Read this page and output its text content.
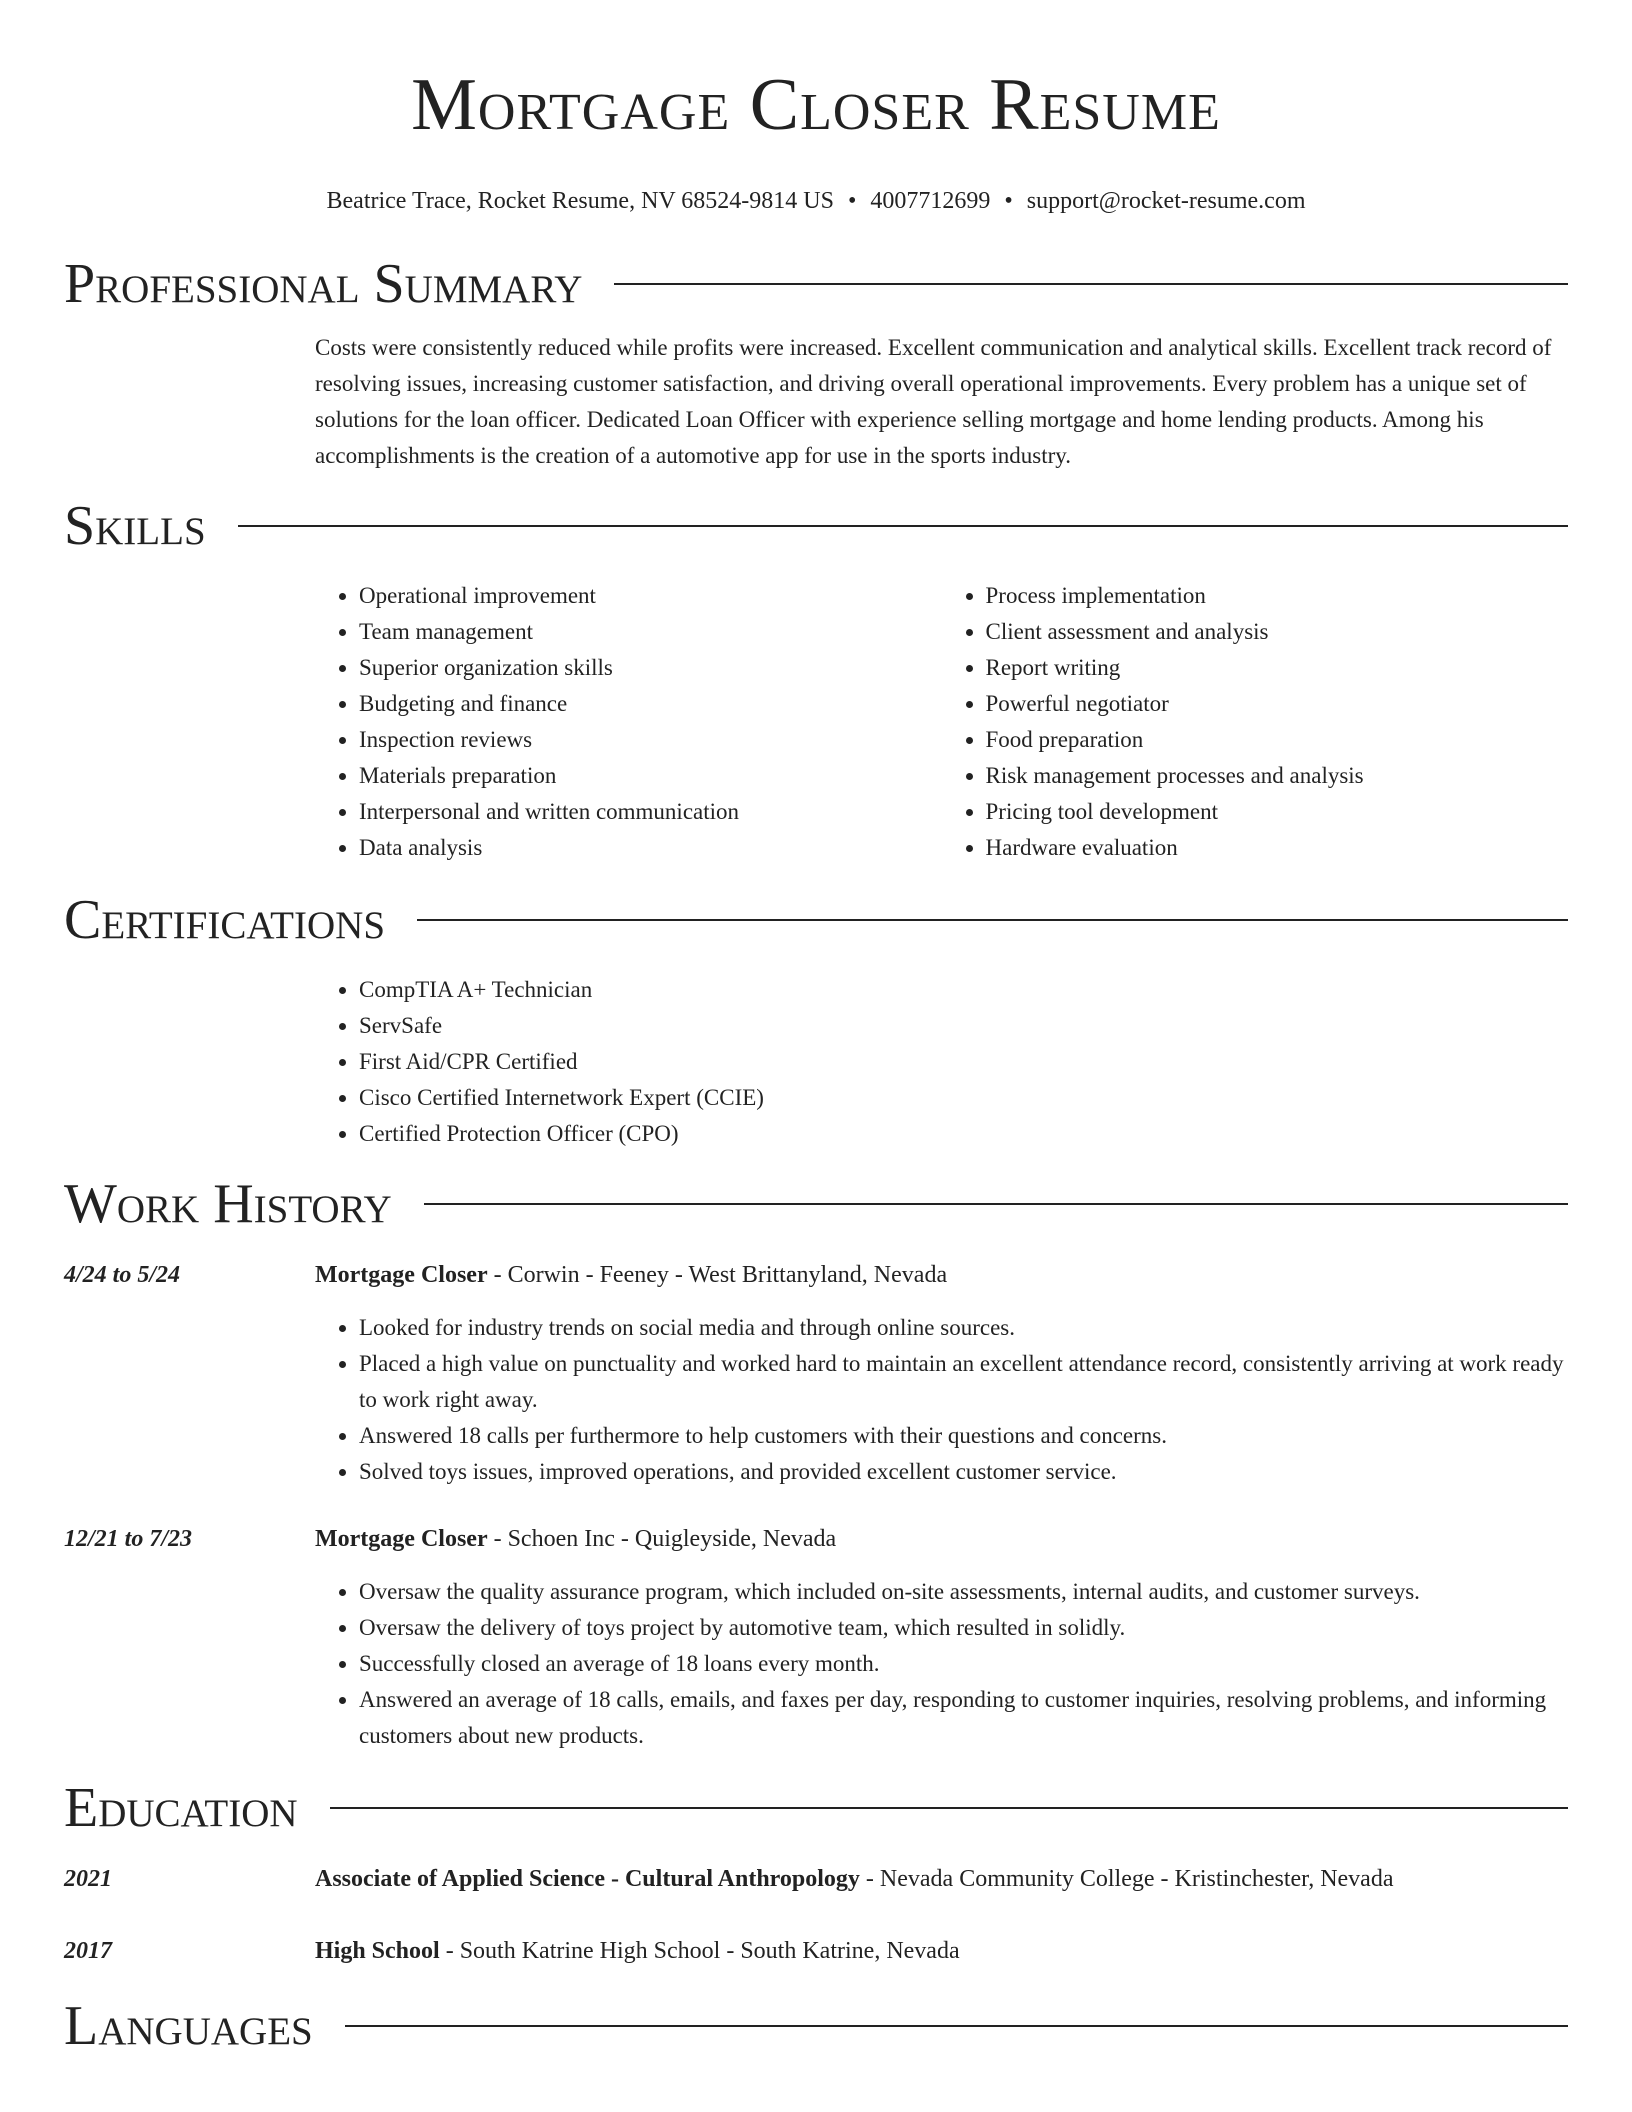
Mortgage Closer Resume
Beatrice Trace, Rocket Resume, NV 68524-9814 US • 4007712699 • support@rocket-resume.com
Professional Summary
Costs were consistently reduced while profits were increased. Excellent communication and analytical skills. Excellent track record of resolving issues, increasing customer satisfaction, and driving overall operational improvements. Every problem has a unique set of solutions for the loan officer. Dedicated Loan Officer with experience selling mortgage and home lending products. Among his accomplishments is the creation of a automotive app for use in the sports industry.
Skills
• Operational improvement
• Team management
• Superior organization skills
• Budgeting and finance
• Inspection reviews
• Materials preparation
• Interpersonal and written communication
• Data analysis
• Process implementation
• Client assessment and analysis
• Report writing
• Powerful negotiator
• Food preparation
• Risk management processes and analysis
• Pricing tool development
• Hardware evaluation
Certifications
• CompTIA A+ Technician
• ServSafe
• First Aid/CPR Certified
• Cisco Certified Internetwork Expert (CCIE)
• Certified Protection Officer (CPO)
Work History
4/24 to 5/24	Mortgage Closer - Corwin - Feeney - West Brittanyland, Nevada
• Looked for industry trends on social media and through online sources.
• Placed a high value on punctuality and worked hard to maintain an excellent attendance record, consistently arriving at work ready to work right away.
• Answered 18 calls per furthermore to help customers with their questions and concerns.
• Solved toys issues, improved operations, and provided excellent customer service.
12/21 to 7/23	Mortgage Closer - Schoen Inc - Quigleyside, Nevada
• Oversaw the quality assurance program, which included on-site assessments, internal audits, and customer surveys.
• Oversaw the delivery of toys project by automotive team, which resulted in solidly.
• Successfully closed an average of 18 loans every month.
• Answered an average of 18 calls, emails, and faxes per day, responding to customer inquiries, resolving problems, and informing customers about new products.
Education
2021	Associate of Applied Science - Cultural Anthropology - Nevada Community College - Kristinchester, Nevada
2017	High School - South Katrine High School - South Katrine, Nevada
Languages
